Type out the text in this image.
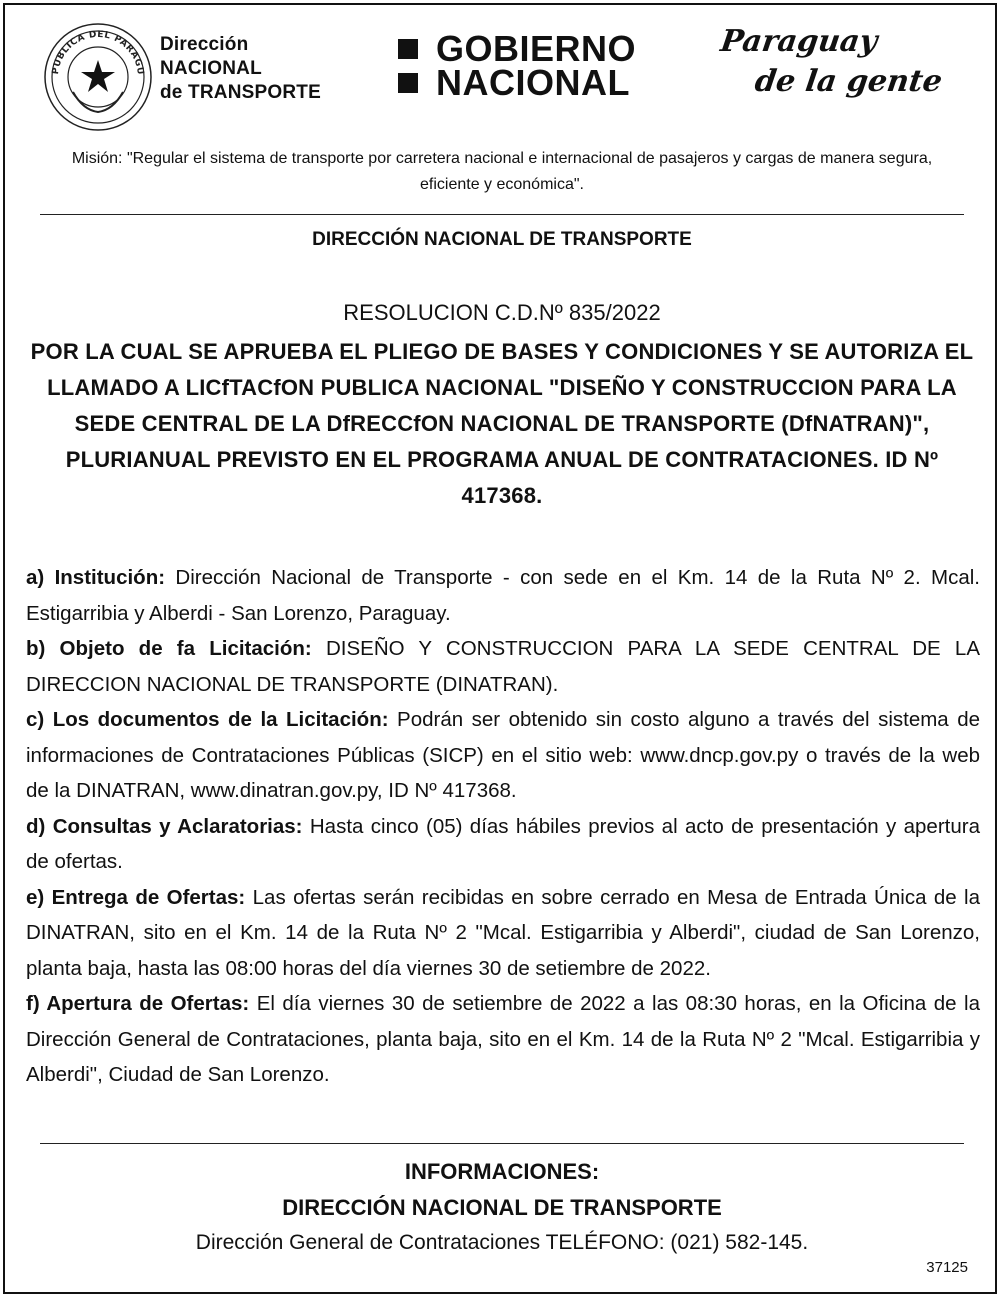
PUBLICA DEL PARAGU
Dirección
NACIONAL
de TRANSPORTE
GOBIERNO
NACIONAL
Paraguay
de la gente
Misión: "Regular el sistema de transporte por carretera nacional e internacional de pasajeros y cargas de manera segura, eficiente y económica".
DIRECCIÓN NACIONAL DE TRANSPORTE
RESOLUCION C.D.Nº 835/2022
POR LA CUAL SE APRUEBA EL PLIEGO DE BASES Y CONDICIONES Y SE AUTORIZA EL LLAMADO A LICfTACfON PUBLICA NACIONAL "DISEÑO Y CONSTRUCCION PARA LA SEDE CENTRAL DE LA DfRECCfON NACIONAL DE TRANSPORTE (DfNATRAN)", PLURIANUAL PREVISTO EN EL PROGRAMA ANUAL DE CONTRATACIONES. ID Nº 417368.

a) Institución: Dirección Nacional de Transporte - con sede en el Km. 14 de la Ruta Nº 2. Mcal. Estigarribia y Alberdi - San Lorenzo, Paraguay.

b) Objeto de fa Licitación: DISEÑO Y CONSTRUCCION PARA LA SEDE CENTRAL DE LA DIRECCION NACIONAL DE TRANSPORTE (DINATRAN).

c) Los documentos de la Licitación: Podrán ser obtenido sin costo alguno a través del sistema de informaciones de Contrataciones Públicas (SICP) en el sitio web: www.dncp.gov.py o través de la web de la DINATRAN, www.dinatran.gov.py, ID Nº 417368.

d) Consultas y Aclaratorias: Hasta cinco (05) días hábiles previos al acto de presentación y apertura de ofertas.

e) Entrega de Ofertas: Las ofertas serán recibidas en sobre cerrado en Mesa de Entrada Única de la DINATRAN, sito en el Km. 14 de la Ruta Nº 2 "Mcal. Estigarribia y Alberdi", ciudad de San Lorenzo, planta baja, hasta las 08:00 horas del día viernes 30 de setiembre de 2022.

f) Apertura de Ofertas: El día viernes 30 de setiembre de 2022 a las 08:30 horas, en la Oficina de la Dirección General de Contrataciones, planta baja, sito en el Km. 14 de la Ruta Nº 2 "Mcal. Estigarribia y Alberdi", Ciudad de San Lorenzo.

INFORMACIONES:
DIRECCIÓN NACIONAL DE TRANSPORTE
Dirección General de Contrataciones TELÉFONO: (021) 582-145.
37125
